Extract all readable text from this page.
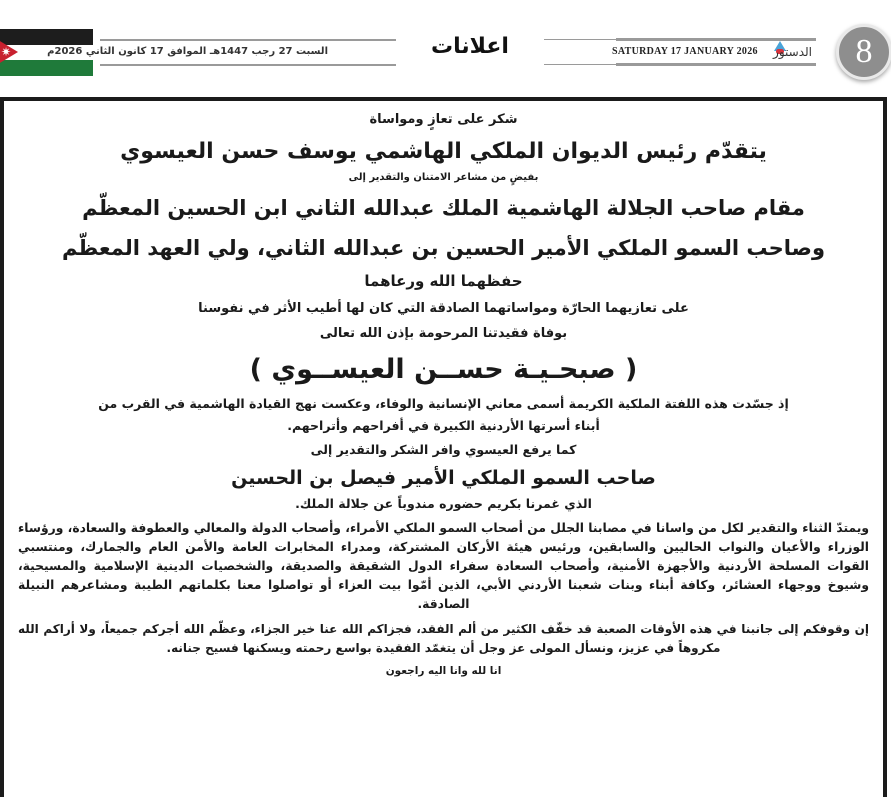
✷	السبت 27 رجب 1447هـ الموافق 17 كانون الثاني 2026م	اعلانات	SATURDAY 17 JANUARY 2026 الدستور	8
شكر على تعازٍ ومواساة
يتقدّم رئيس الديوان الملكي الهاشمي يوسف حسن العيسوي
بفيضٍ من مشاعر الامتنان والتقدير إلى
مقام صاحب الجلالة الهاشمية الملك عبدالله الثاني ابن الحسين المعظّم
وصاحب السمو الملكي الأمير الحسين بن عبدالله الثاني، ولي العهد المعظّم
حفظهما الله ورعاهما
على تعازيهما الحارّة ومواساتهما الصادقة التي كان لها أطيب الأثر في نفوسنا
بوفاة فقيدتنا المرحومة بإذن الله تعالى
( صبحـيـة حســن العيســوي )
إذ جسّدت هذه اللفتة الملكية الكريمة أسمى معاني الإنسانية والوفاء، وعكست نهج القيادة الهاشمية في القرب من
أبناء أسرتها الأردنية الكبيرة في أفراحهم وأتراحهم.
كما يرفع العيسوي وافر الشكر والتقدير إلى
صاحب السمو الملكي الأمير فيصل بن الحسين
الذي غمرنا بكريم حضوره مندوباً عن جلالة الملك.
ويمتدّ الثناء والتقدير لكل من واسانا في مصابنا الجلل من أصحاب السمو الملكي الأمراء، وأصحاب الدولة والمعالي والعطوفة والسعادة، ورؤساء الوزراء والأعيان والنواب الحاليين والسابقين، ورئيس هيئة الأركان المشتركة، ومدراء المخابرات العامة والأمن العام والجمارك، ومنتسبي القوات المسلحة الأردنية والأجهزة الأمنية، وأصحاب السعادة سفراء الدول الشقيقة والصديقة، والشخصيات الدينية الإسلامية والمسيحية، وشيوخ ووجهاء العشائر، وكافة أبناء وبنات شعبنا الأردني الأبي، الذين أمّوا بيت العزاء أو تواصلوا معنا بكلماتهم الطيبة ومشاعرهم النبيلة الصادقة.
إن وقوفكم إلى جانبنا في هذه الأوقات الصعبة قد خفّف الكثير من ألم الفقد، فجزاكم الله عنا خير الجزاء، وعظّم الله أجركم جميعاً، ولا أراكم الله مكروهاً في عزيز، ونسأل المولى عز وجل أن يتغمّد الفقيدة بواسع رحمته ويسكنها فسيح جنانه.
انا لله وانا اليه راجعون
